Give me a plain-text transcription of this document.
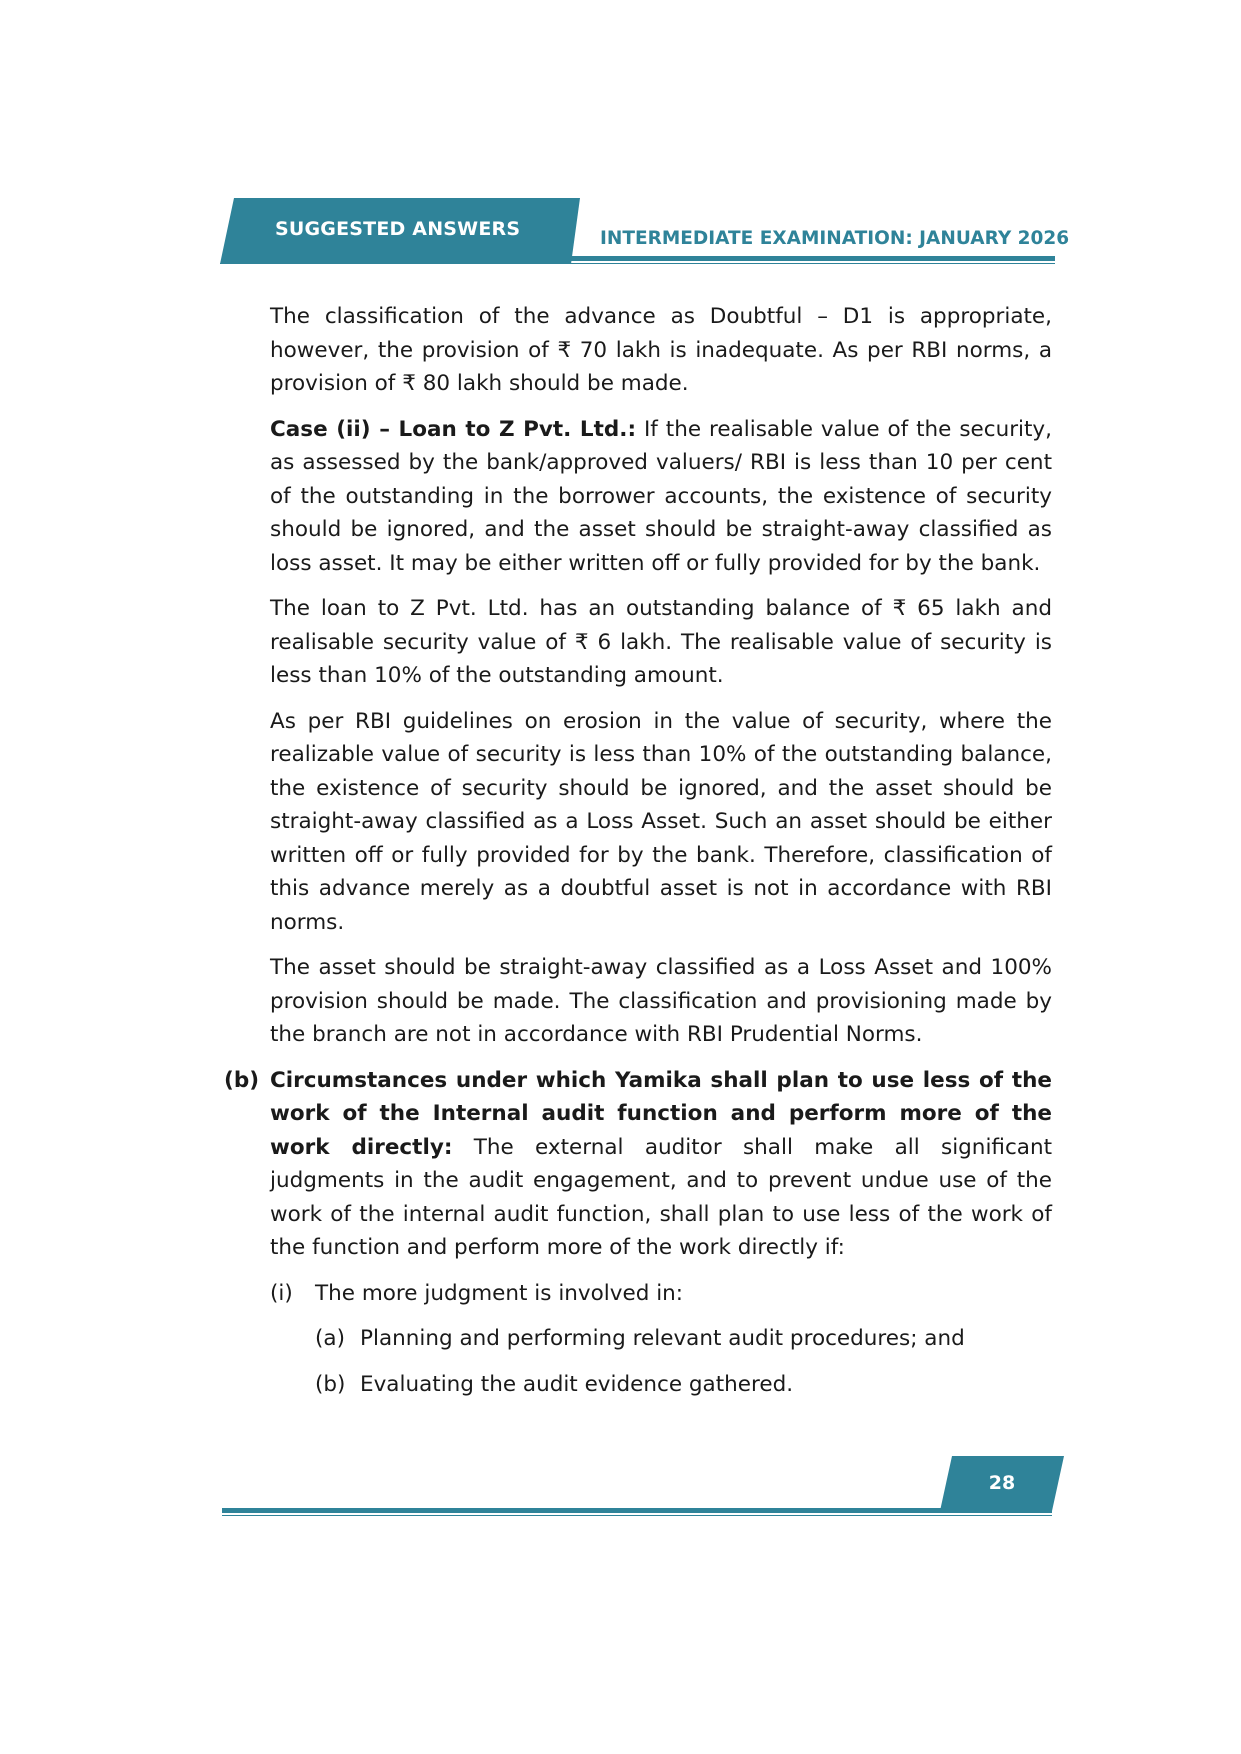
SUGGESTED ANSWERS	INTERMEDIATE EXAMINATION: JANUARY 2026

The classification of the advance as Doubtful – D1 is appropriate, however, the provision of ₹ 70 lakh is inadequate. As per RBI norms, a provision of ₹ 80 lakh should be made.

Case (ii) – Loan to Z Pvt. Ltd.: If the realisable value of the security, as assessed by the bank/approved valuers/ RBI is less than 10 per cent of the outstanding in the borrower accounts, the existence of security should be ignored, and the asset should be straight-away classified as loss asset. It may be either written off or fully provided for by the bank.

The loan to Z Pvt. Ltd. has an outstanding balance of ₹ 65 lakh and realisable security value of ₹ 6 lakh. The realisable value of security is less than 10% of the outstanding amount.

As per RBI guidelines on erosion in the value of security, where the realizable value of security is less than 10% of the outstanding balance, the existence of security should be ignored, and the asset should be straight-away classified as a Loss Asset. Such an asset should be either written off or fully provided for by the bank. Therefore, classification of this advance merely as a doubtful asset is not in accordance with RBI norms.

The asset should be straight-away classified as a Loss Asset and 100% provision should be made. The classification and provisioning made by the branch are not in accordance with RBI Prudential Norms.

(b) Circumstances under which Yamika shall plan to use less of the work of the Internal audit function and perform more of the work directly: The external auditor shall make all significant judgments in the audit engagement, and to prevent undue use of the work of the internal audit function, shall plan to use less of the work of the function and perform more of the work directly if:

(i) The more judgment is involved in:
(a) Planning and performing relevant audit procedures; and
(b) Evaluating the audit evidence gathered.
28
